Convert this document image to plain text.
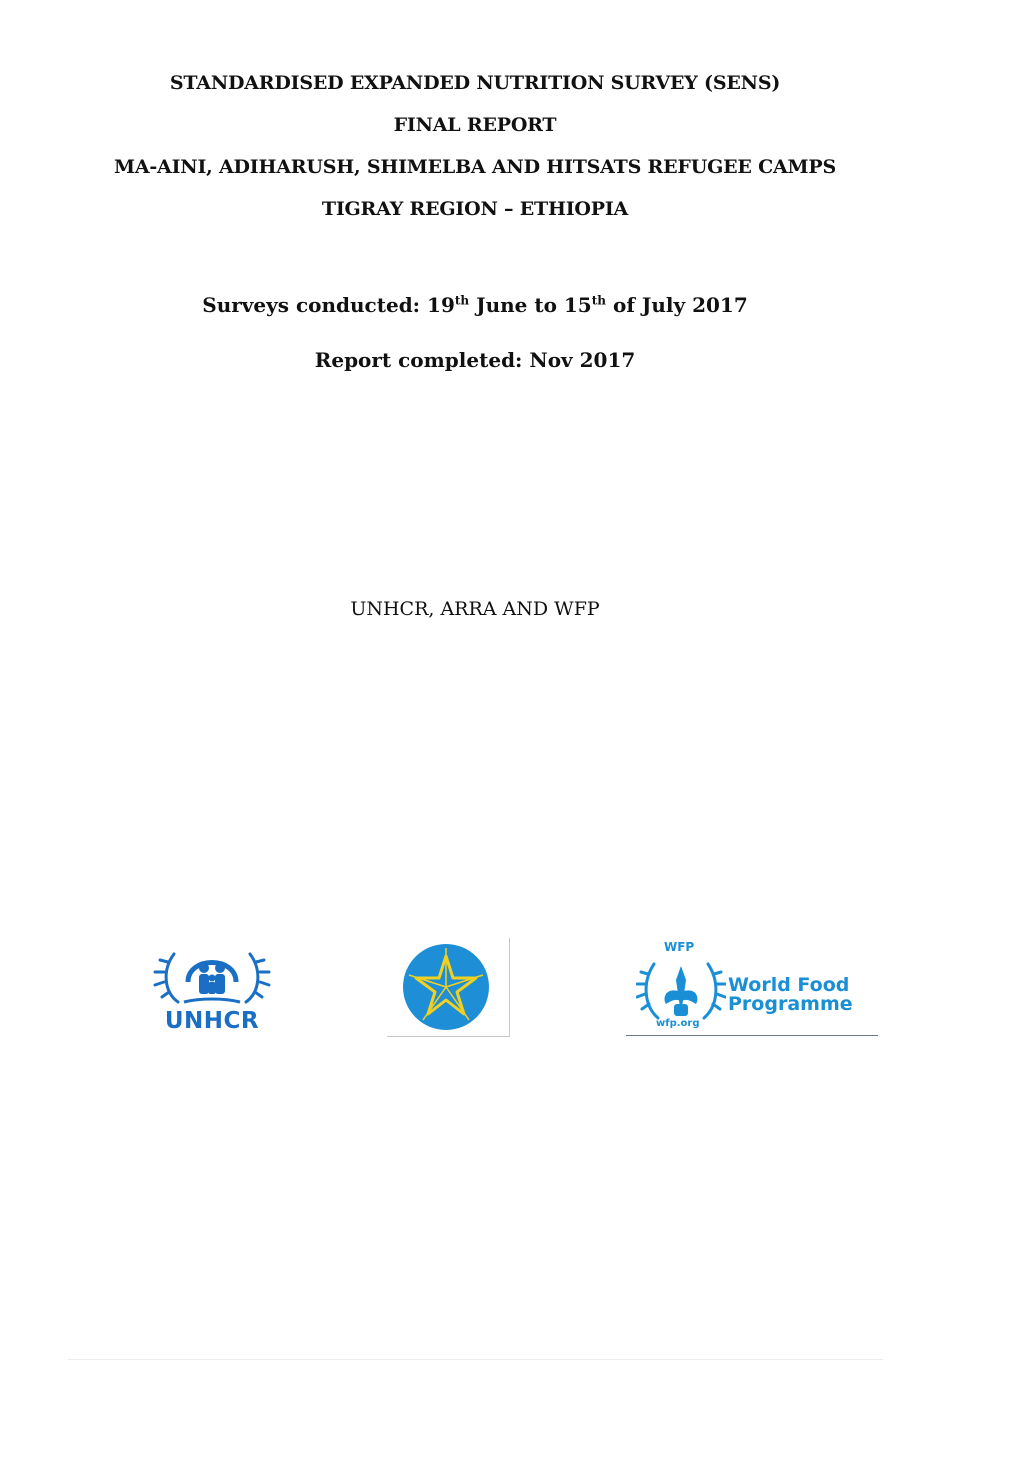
STANDARDISED EXPANDED NUTRITION SURVEY (SENS)
FINAL REPORT
MA-AINI, ADIHARUSH, SHIMELBA AND HITSATS REFUGEE CAMPS
TIGRAY REGION – ETHIOPIA
Surveys conducted: 19th June to 15th of July 2017
Report completed: Nov 2017
UNHCR, ARRA AND WFP
UNHCR
WFP
World Food
Programme
wfp.org
